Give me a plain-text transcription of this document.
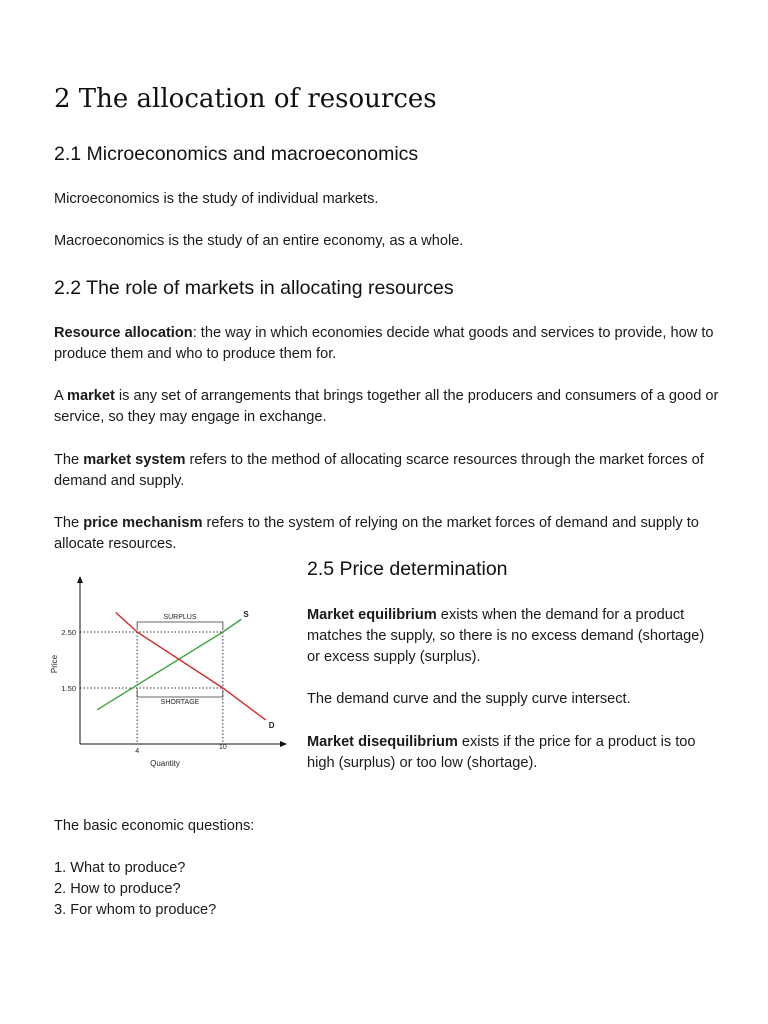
2 The allocation of resources
2.1 Microeconomics and macroeconomics

Microeconomics is the study of individual markets.

Macroeconomics is the study of an entire economy, as a whole.

2.2 The role of markets in allocating resources

Resource allocation: the way in which economies decide what goods and services to provide, how to produce them and who to produce them for.

A market is any set of arrangements that brings together all the producers and consumers of a good or service, so they may engage in exchange.

The market system refers to the method of allocating scarce resources through the market forces of demand and supply.

The price mechanism refers to the system of relying on the market forces of demand and supply to allocate resources.

SURPLUS
SHORTAGE
2.50
1.50
4
10
Quantity
Price
S
D
2.5 Price determination

Market equilibrium exists when the demand for a product matches the supply, so there is no excess demand (shortage) or excess supply (surplus).

The demand curve and the supply curve intersect.

Market disequilibrium exists if the price for a product is too high (surplus) or too low (shortage).

The basic economic questions:

1. What to produce?
2. How to produce?
3. For whom to produce?
